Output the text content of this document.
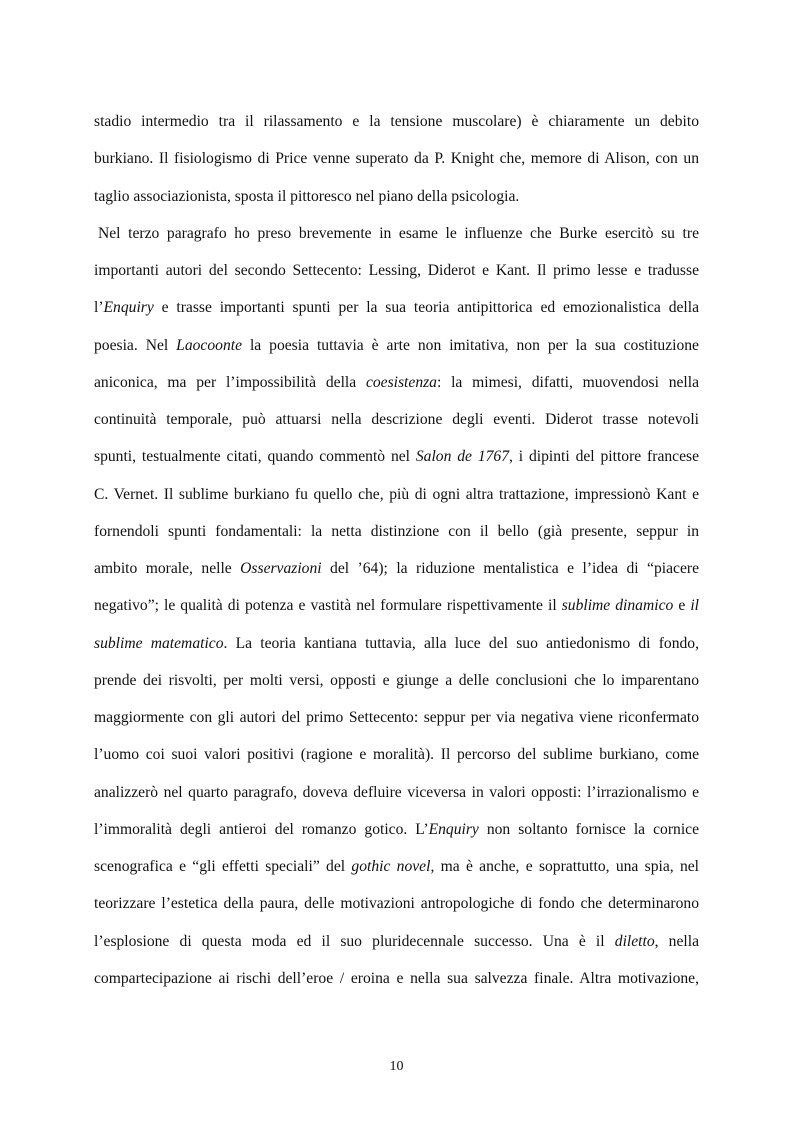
stadio intermedio tra il rilassamento e la tensione muscolare) è chiaramente un debito
burkiano. Il fisiologismo di Price venne superato da P. Knight che, memore di Alison, con un
taglio associazionista, sposta il pittoresco nel piano della psicologia.
Nel terzo paragrafo ho preso brevemente in esame le influenze che Burke esercitò su tre
importanti autori del secondo Settecento: Lessing, Diderot e Kant. Il primo lesse e tradusse
l’Enquiry e trasse importanti spunti per la sua teoria antipittorica ed emozionalistica della
poesia. Nel Laocoonte la poesia tuttavia è arte non imitativa, non per la sua costituzione
aniconica, ma per l’impossibilità della coesistenza: la mimesi, difatti, muovendosi nella
continuità temporale, può attuarsi nella descrizione degli eventi. Diderot trasse notevoli
spunti, testualmente citati, quando commentò nel Salon de 1767, i dipinti del pittore francese
C. Vernet. Il sublime burkiano fu quello che, più di ogni altra trattazione, impressionò Kant e
fornendoli spunti fondamentali: la netta distinzione con il bello (già presente, seppur in
ambito morale, nelle Osservazioni del ’64); la riduzione mentalistica e l’idea di “piacere
negativo”; le qualità di potenza e vastità nel formulare rispettivamente il sublime dinamico e il
sublime matematico. La teoria kantiana tuttavia, alla luce del suo antiedonismo di fondo,
prende dei risvolti, per molti versi, opposti e giunge a delle conclusioni che lo imparentano
maggiormente con gli autori del primo Settecento: seppur per via negativa viene riconfermato
l’uomo coi suoi valori positivi (ragione e moralità). Il percorso del sublime burkiano, come
analizzerò nel quarto paragrafo, doveva defluire viceversa in valori opposti: l’irrazionalismo e
l’immoralità degli antieroi del romanzo gotico. L’Enquiry non soltanto fornisce la cornice
scenografica e “gli effetti speciali” del gothic novel, ma è anche, e soprattutto, una spia, nel
teorizzare l’estetica della paura, delle motivazioni antropologiche di fondo che determinarono
l’esplosione di questa moda ed il suo pluridecennale successo. Una è il diletto, nella
compartecipazione ai rischi dell’eroe / eroina e nella sua salvezza finale. Altra motivazione,
10
